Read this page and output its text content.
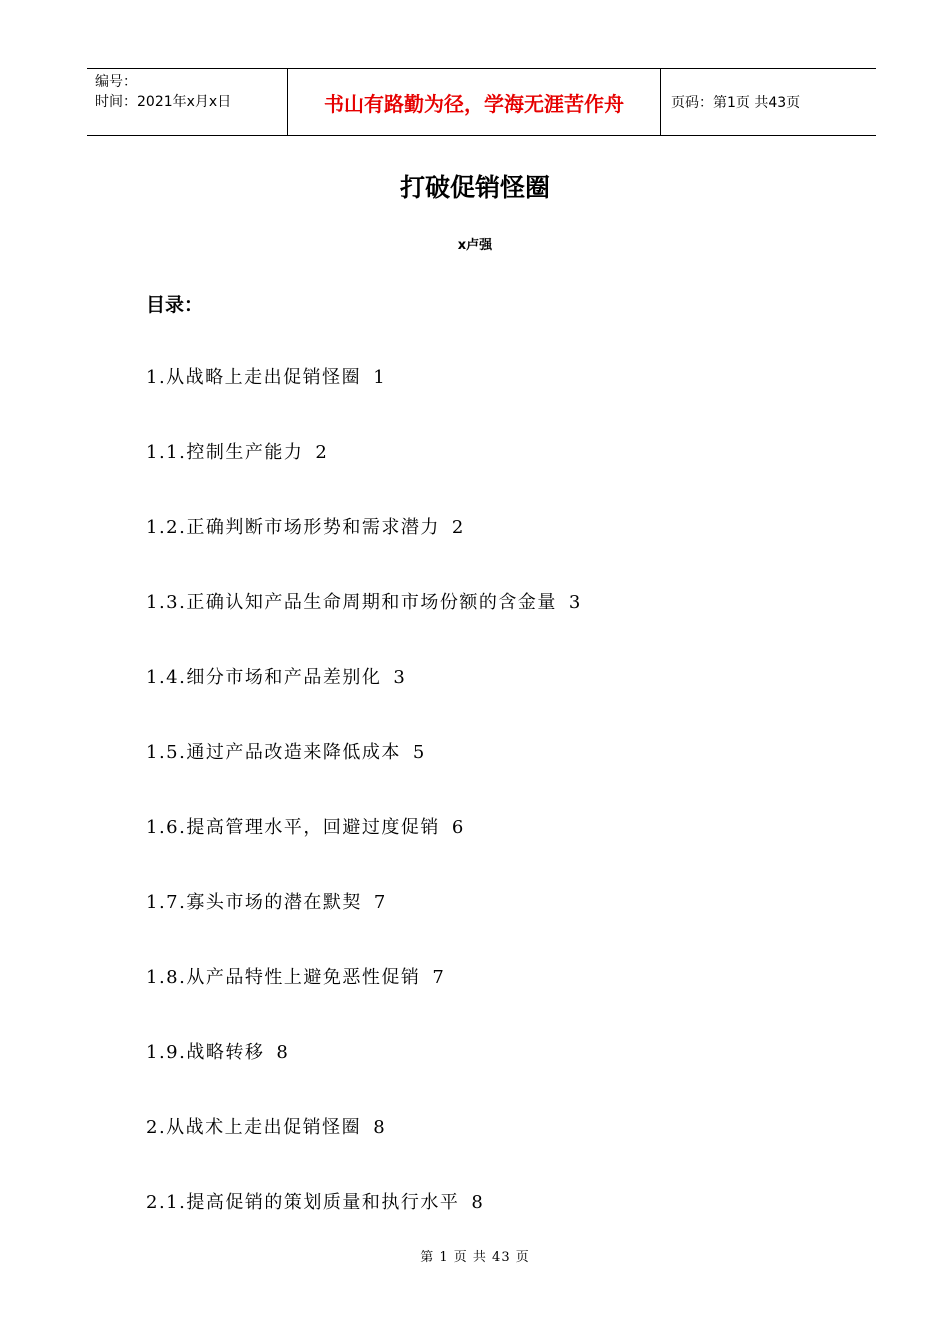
编号：
时间：2021年x月x日	书山有路勤为径，学海无涯苦作舟	页码：第1页 共43页
打破促销怪圈
x卢强
目录：
1.从战略上走出促销怪圈 1
1.1.控制生产能力 2
1.2.正确判断市场形势和需求潜力 2
1.3.正确认知产品生命周期和市场份额的含金量 3
1.4.细分市场和产品差别化 3
1.5.通过产品改造来降低成本 5
1.6.提高管理水平，回避过度促销 6
1.7.寡头市场的潜在默契 7
1.8.从产品特性上避免恶性促销 7
1.9.战略转移 8
2.从战术上走出促销怪圈 8
2.1.提高促销的策划质量和执行水平 8
第 1 页 共 43 页
